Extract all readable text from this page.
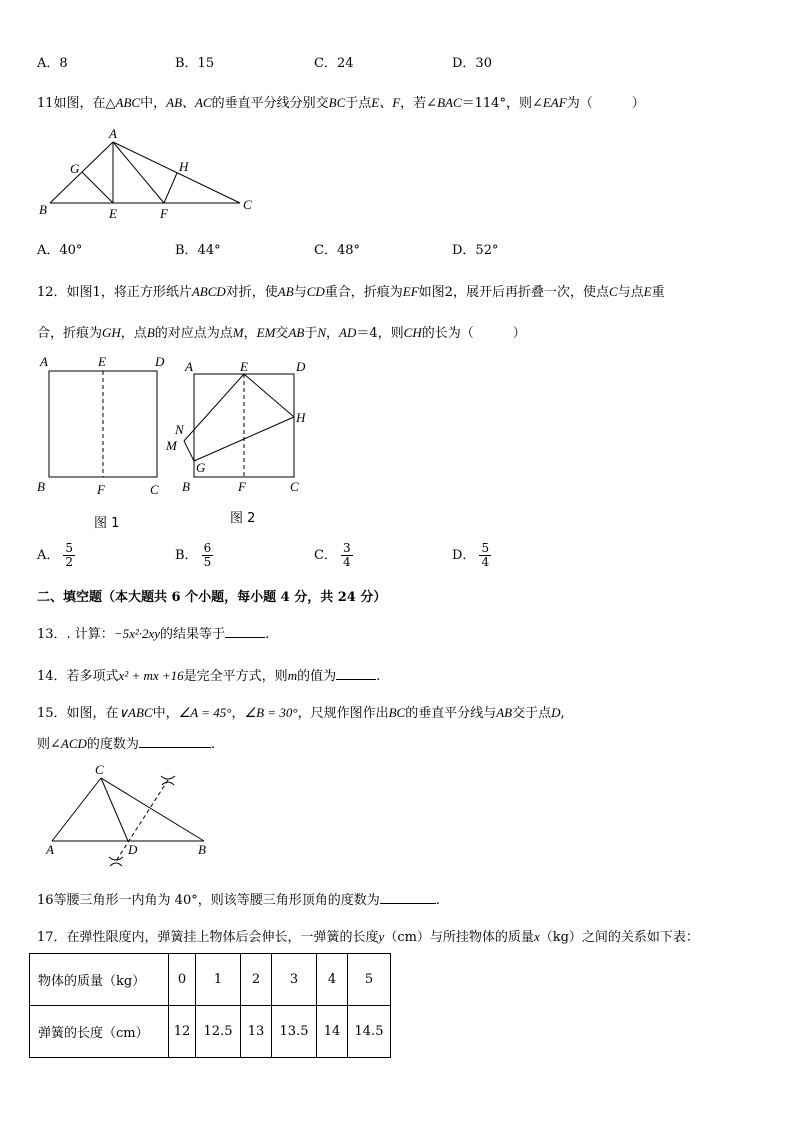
A．8	B．15	C．24	D．30
11如图，在△ABC中，AB、AC的垂直平分线分别交BC于点E、F，若∠BAC＝114°，则∠EAF为（　　　）
A
G	H
B	E	F
C
A．40°	B．44°	C．48°	D．52°
12．如图1，将正方形纸片ABCD对折，使AB与CD重合，折痕为EF如图2，展开后再折叠一次，使点C与点E重
合，折痕为GH，点B的对应点为点M，EM交AB于N，AD＝4，则CH的长为（　　　）
A	E	D
B	F	C
图 1
A	E	D
N
M
H
G
B	F	C
图 2
A． $\frac{5}{2}$	B． $\frac{6}{5}$	C． $\frac{3}{4}$	D． $\frac{5}{4}$
二、填空题（本大题共 6 个小题，每小题 4 分，共 24 分）
13．. 计算：−5x²·2xy的结果等于	.
14．若多项式x² + mx +16是完全平方式，则m的值为	.
15．如图，在∨ABC中，∠A = 45°，∠B = 30°，尺规作图作出BC的垂直平分线与AB交于点D,
则∠ACD的度数为	.
C
A	D	B
16等腰三角形一内角为 40°，则该等腰三角形顶角的度数为	.
17．在弹性限度内，弹簧挂上物体后会伸长，一弹簧的长度y（cm）与所挂物体的质量x（kg）之间的关系如下表：
物体的质量（kg）	0	1	2	3	4	5
弹簧的长度（cm）	12	12.5	13	13.5	14	14.5
